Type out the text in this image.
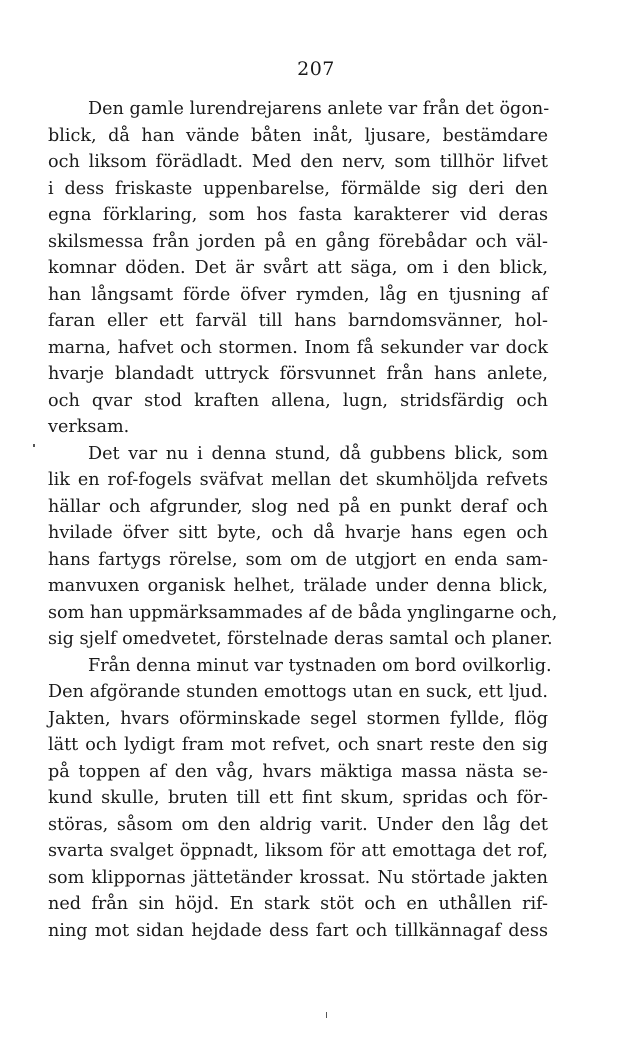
207
Den gamle lurendrejarens anlete var från det ögon-
blick, då han vände båten inåt, ljusare, bestämdare
och liksom förädladt. Med den nerv, som tillhör lifvet
i dess friskaste uppenbarelse, förmälde sig deri den
egna förklaring, som hos fasta karakterer vid deras
skilsmessa från jorden på en gång förebådar och väl-
komnar döden. Det är svårt att säga, om i den blick,
han långsamt förde öfver rymden, låg en tjusning af
faran eller ett farväl till hans barndomsvänner, hol-
marna, hafvet och stormen. Inom få sekunder var dock
hvarje blandadt uttryck försvunnet från hans anlete,
och qvar stod kraften allena, lugn, stridsfärdig och
verksam.
Det var nu i denna stund, då gubbens blick, som
lik en rof-fogels sväfvat mellan det skumhöljda refvets
hällar och afgrunder, slog ned på en punkt deraf och
hvilade öfver sitt byte, och då hvarje hans egen och
hans fartygs rörelse, som om de utgjort en enda sam-
manvuxen organisk helhet, trälade under denna blick,
som han uppmärksammades af de båda ynglingarne och,
sig sjelf omedvetet, förstelnade deras samtal och planer.
Från denna minut var tystnaden om bord ovilkorlig.
Den afgörande stunden emottogs utan en suck, ett ljud.
Jakten, hvars oförminskade segel stormen fyllde, flög
lätt och lydigt fram mot refvet, och snart reste den sig
på toppen af den våg, hvars mäktiga massa nästa se-
kund skulle, bruten till ett fint skum, spridas och för-
störas, såsom om den aldrig varit. Under den låg det
svarta svalget öppnadt, liksom för att emottaga det rof,
som klippornas jättetänder krossat. Nu störtade jakten
ned från sin höjd. En stark stöt och en uthållen rif-
ning mot sidan hejdade dess fart och tillkännagaf dess
